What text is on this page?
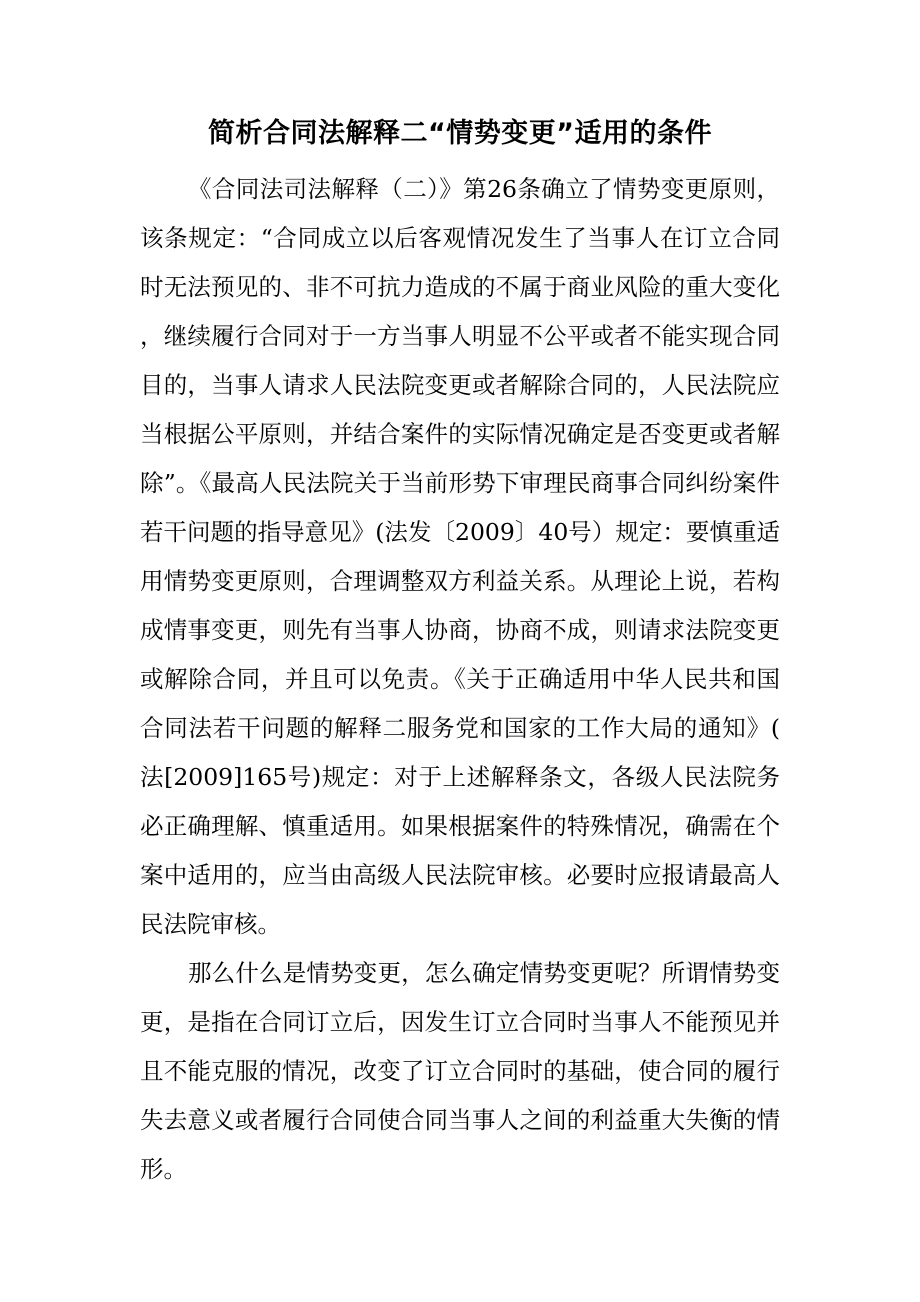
简析合同法解释二“情势变更”适用的条件

《合同法司法解释（二）》第26条确立了情势变更原则，该条规定：“合同成立以后客观情况发生了当事人在订立合同时无法预见的、非不可抗力造成的不属于商业风险的重大变化，继续履行合同对于一方当事人明显不公平或者不能实现合同目的，当事人请求人民法院变更或者解除合同的，人民法院应当根据公平原则，并结合案件的实际情况确定是否变更或者解除”。《最高人民法院关于当前形势下审理民商事合同纠纷案件若干问题的指导意见》(法发〔2009〕40号）规定：要慎重适用情势变更原则，合理调整双方利益关系。从理论上说，若构成情事变更，则先有当事人协商，协商不成，则请求法院变更或解除合同，并且可以免责。《关于正确适用中华人民共和国合同法若干问题的解释二服务党和国家的工作大局的通知》(法[2009]165号)规定：对于上述解释条文，各级人民法院务必正确理解、慎重适用。如果根据案件的特殊情况，确需在个案中适用的，应当由高级人民法院审核。必要时应报请最高人民法院审核。

那么什么是情势变更，怎么确定情势变更呢？所谓情势变更，是指在合同订立后，因发生订立合同时当事人不能预见并且不能克服的情况，改变了订立合同时的基础，使合同的履行失去意义或者履行合同使合同当事人之间的利益重大失衡的情形。
